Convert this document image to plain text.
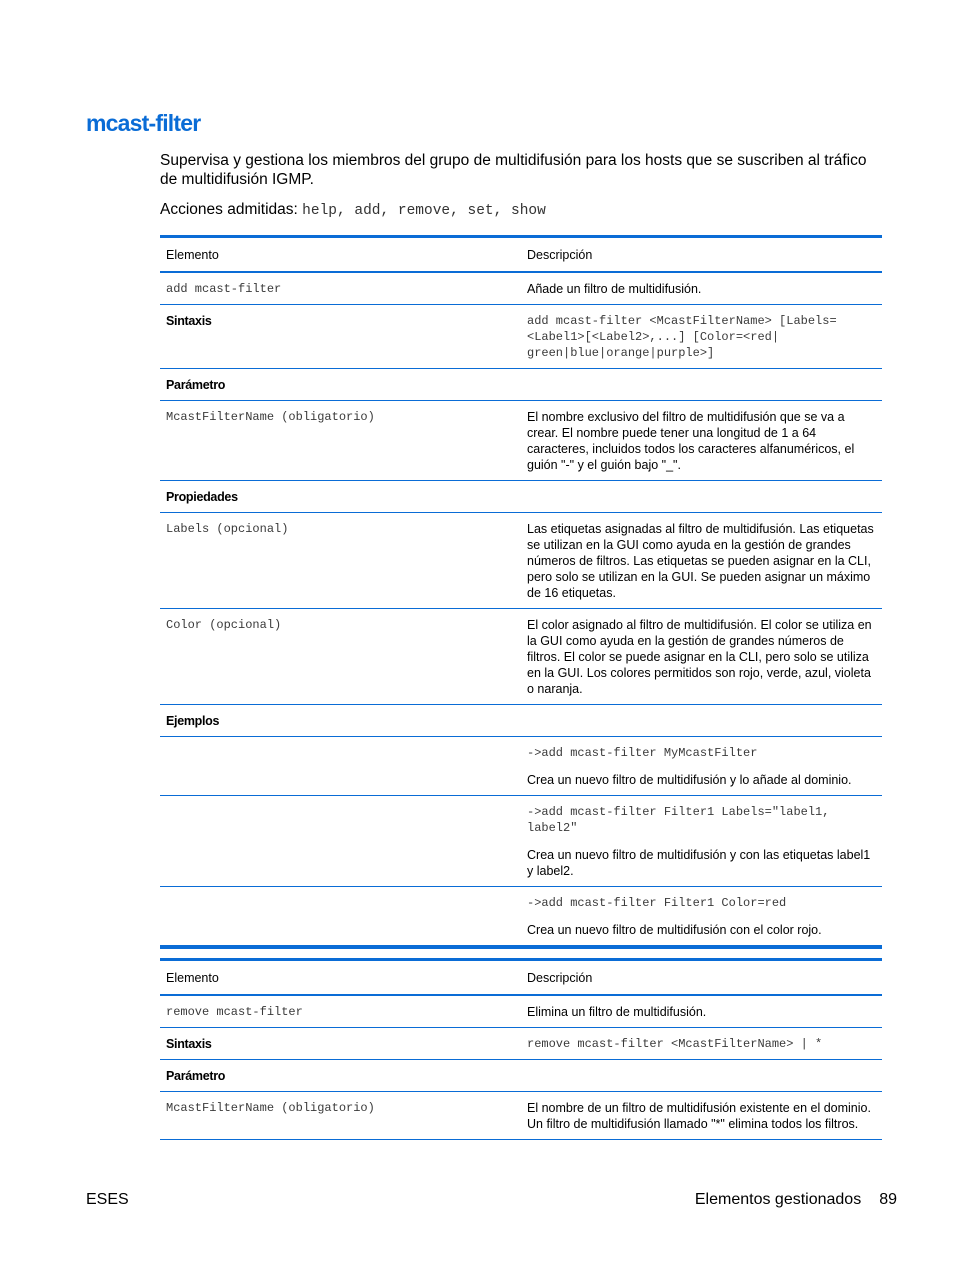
mcast-filter

Supervisa y gestiona los miembros del grupo de multidifusión para los hosts que se suscriben al tráfico de multidifusión IGMP.

Acciones admitidas: help, add, remove, set, show
Elemento	Descripción
add mcast-filter	Añade un filtro de multidifusión.
Sintaxis	add mcast-filter <McastFilterName> [Labels=<Label1>[<Label2>,...] [Color=<red| green|blue|orange|purple>]
Parámetro	
McastFilterName (obligatorio)	El nombre exclusivo del filtro de multidifusión que se va a crear. El nombre puede tener una longitud de 1 a 64 caracteres, incluidos todos los caracteres alfanuméricos, el guión "-" y el guión bajo "_".
Propiedades	
Labels (opcional)	Las etiquetas asignadas al filtro de multidifusión. Las etiquetas se utilizan en la GUI como ayuda en la gestión de grandes números de filtros. Las etiquetas se pueden asignar en la CLI, pero solo se utilizan en la GUI. Se pueden asignar un máximo de 16 etiquetas.
Color (opcional)	El color asignado al filtro de multidifusión. El color se utiliza en la GUI como ayuda en la gestión de grandes números de filtros. El color se puede asignar en la CLI, pero solo se utiliza en la GUI. Los colores permitidos son rojo, verde, azul, violeta o naranja.
Ejemplos	

	->add mcast-filter MyMcastFilter
Crea un nuevo filtro de multidifusión y lo añade al dominio.

	->add mcast-filter Filter1 Labels="label1, label2"
Crea un nuevo filtro de multidifusión y con las etiquetas label1 y label2.

	->add mcast-filter Filter1 Color=red
Crea un nuevo filtro de multidifusión con el color rojo.
Elemento	Descripción
remove mcast-filter	Elimina un filtro de multidifusión.
Sintaxis	remove mcast-filter <McastFilterName> | *
Parámetro	
McastFilterName (obligatorio)	El nombre de un filtro de multidifusión existente en el dominio. Un filtro de multidifusión llamado "*" elimina todos los filtros.
ESES	Elementos gestionados 89
